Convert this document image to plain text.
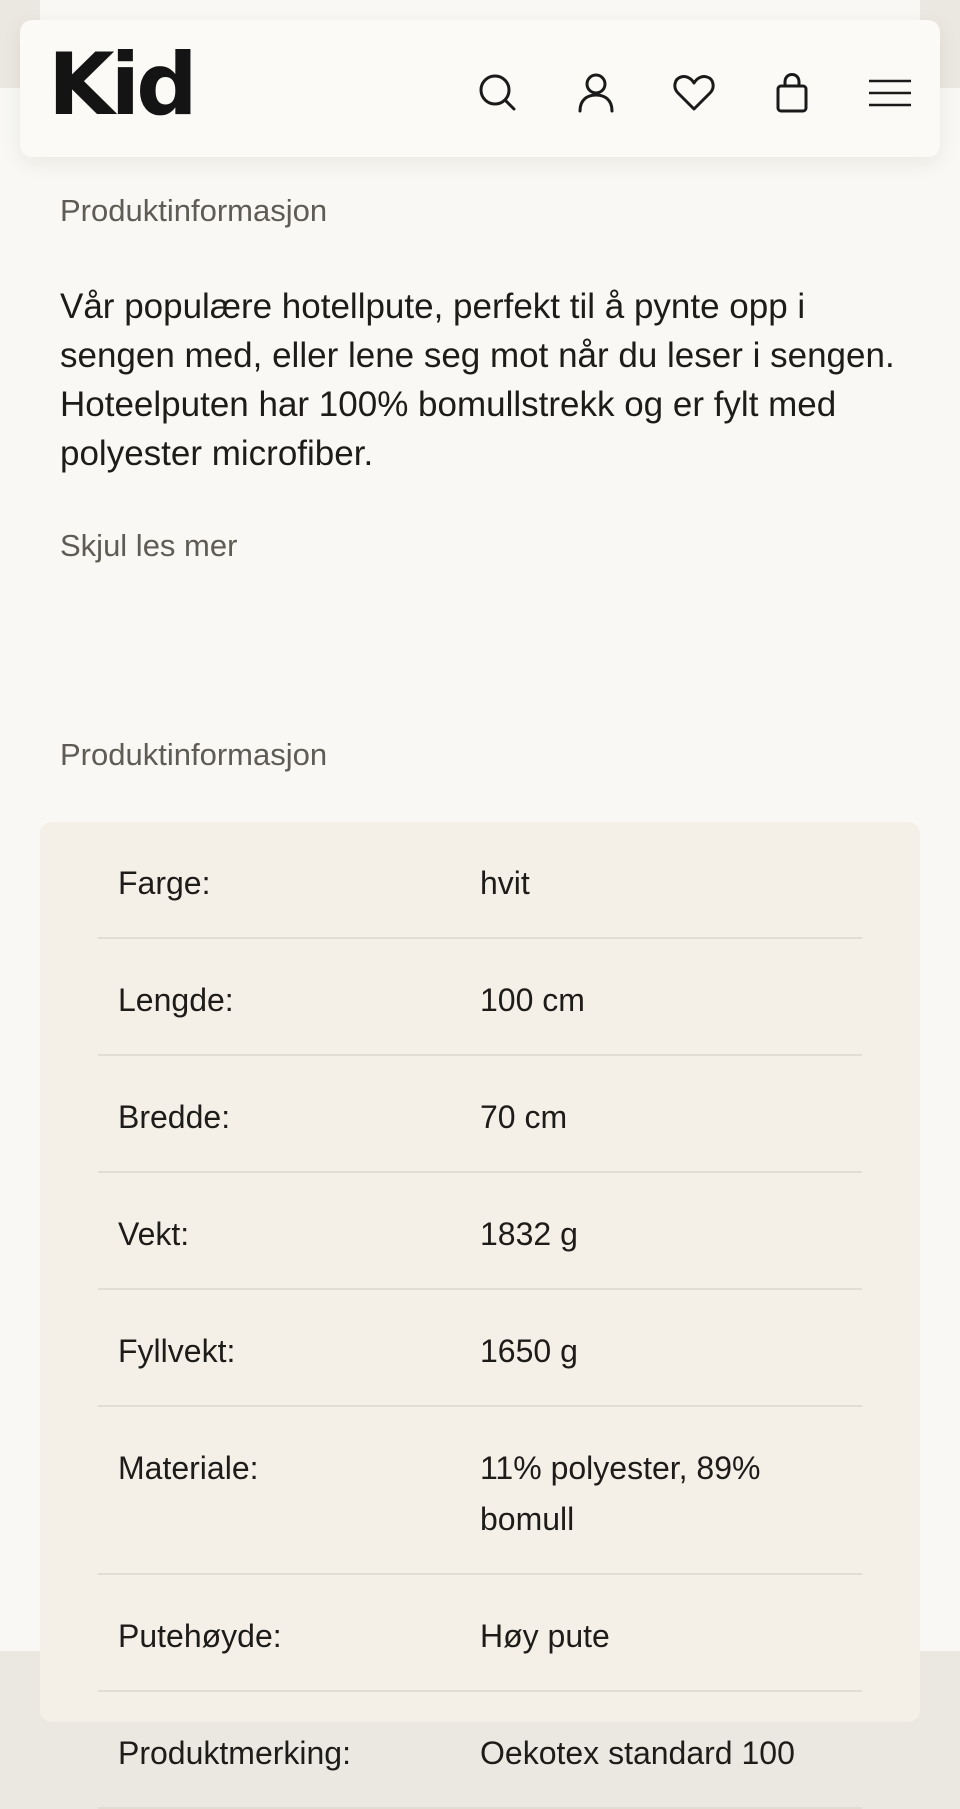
Kid
Produktinformasjon

Vår populære hotellpute, perfekt til å pynte opp i sengen med, eller lene seg mot når du leser i sengen. Hoteelputen har 100% bomullstrekk og er fylt med polyester microfiber.

Skjul les mer
Produktinformasjon
Farge:	hvit
Lengde:	100 cm
Bredde:	70 cm
Vekt:	1832 g
Fyllvekt:	1650 g
Materiale:	11% polyester, 89% bomull
Putehøyde:	Høy pute
Produktmerking:	Oekotex standard 100
